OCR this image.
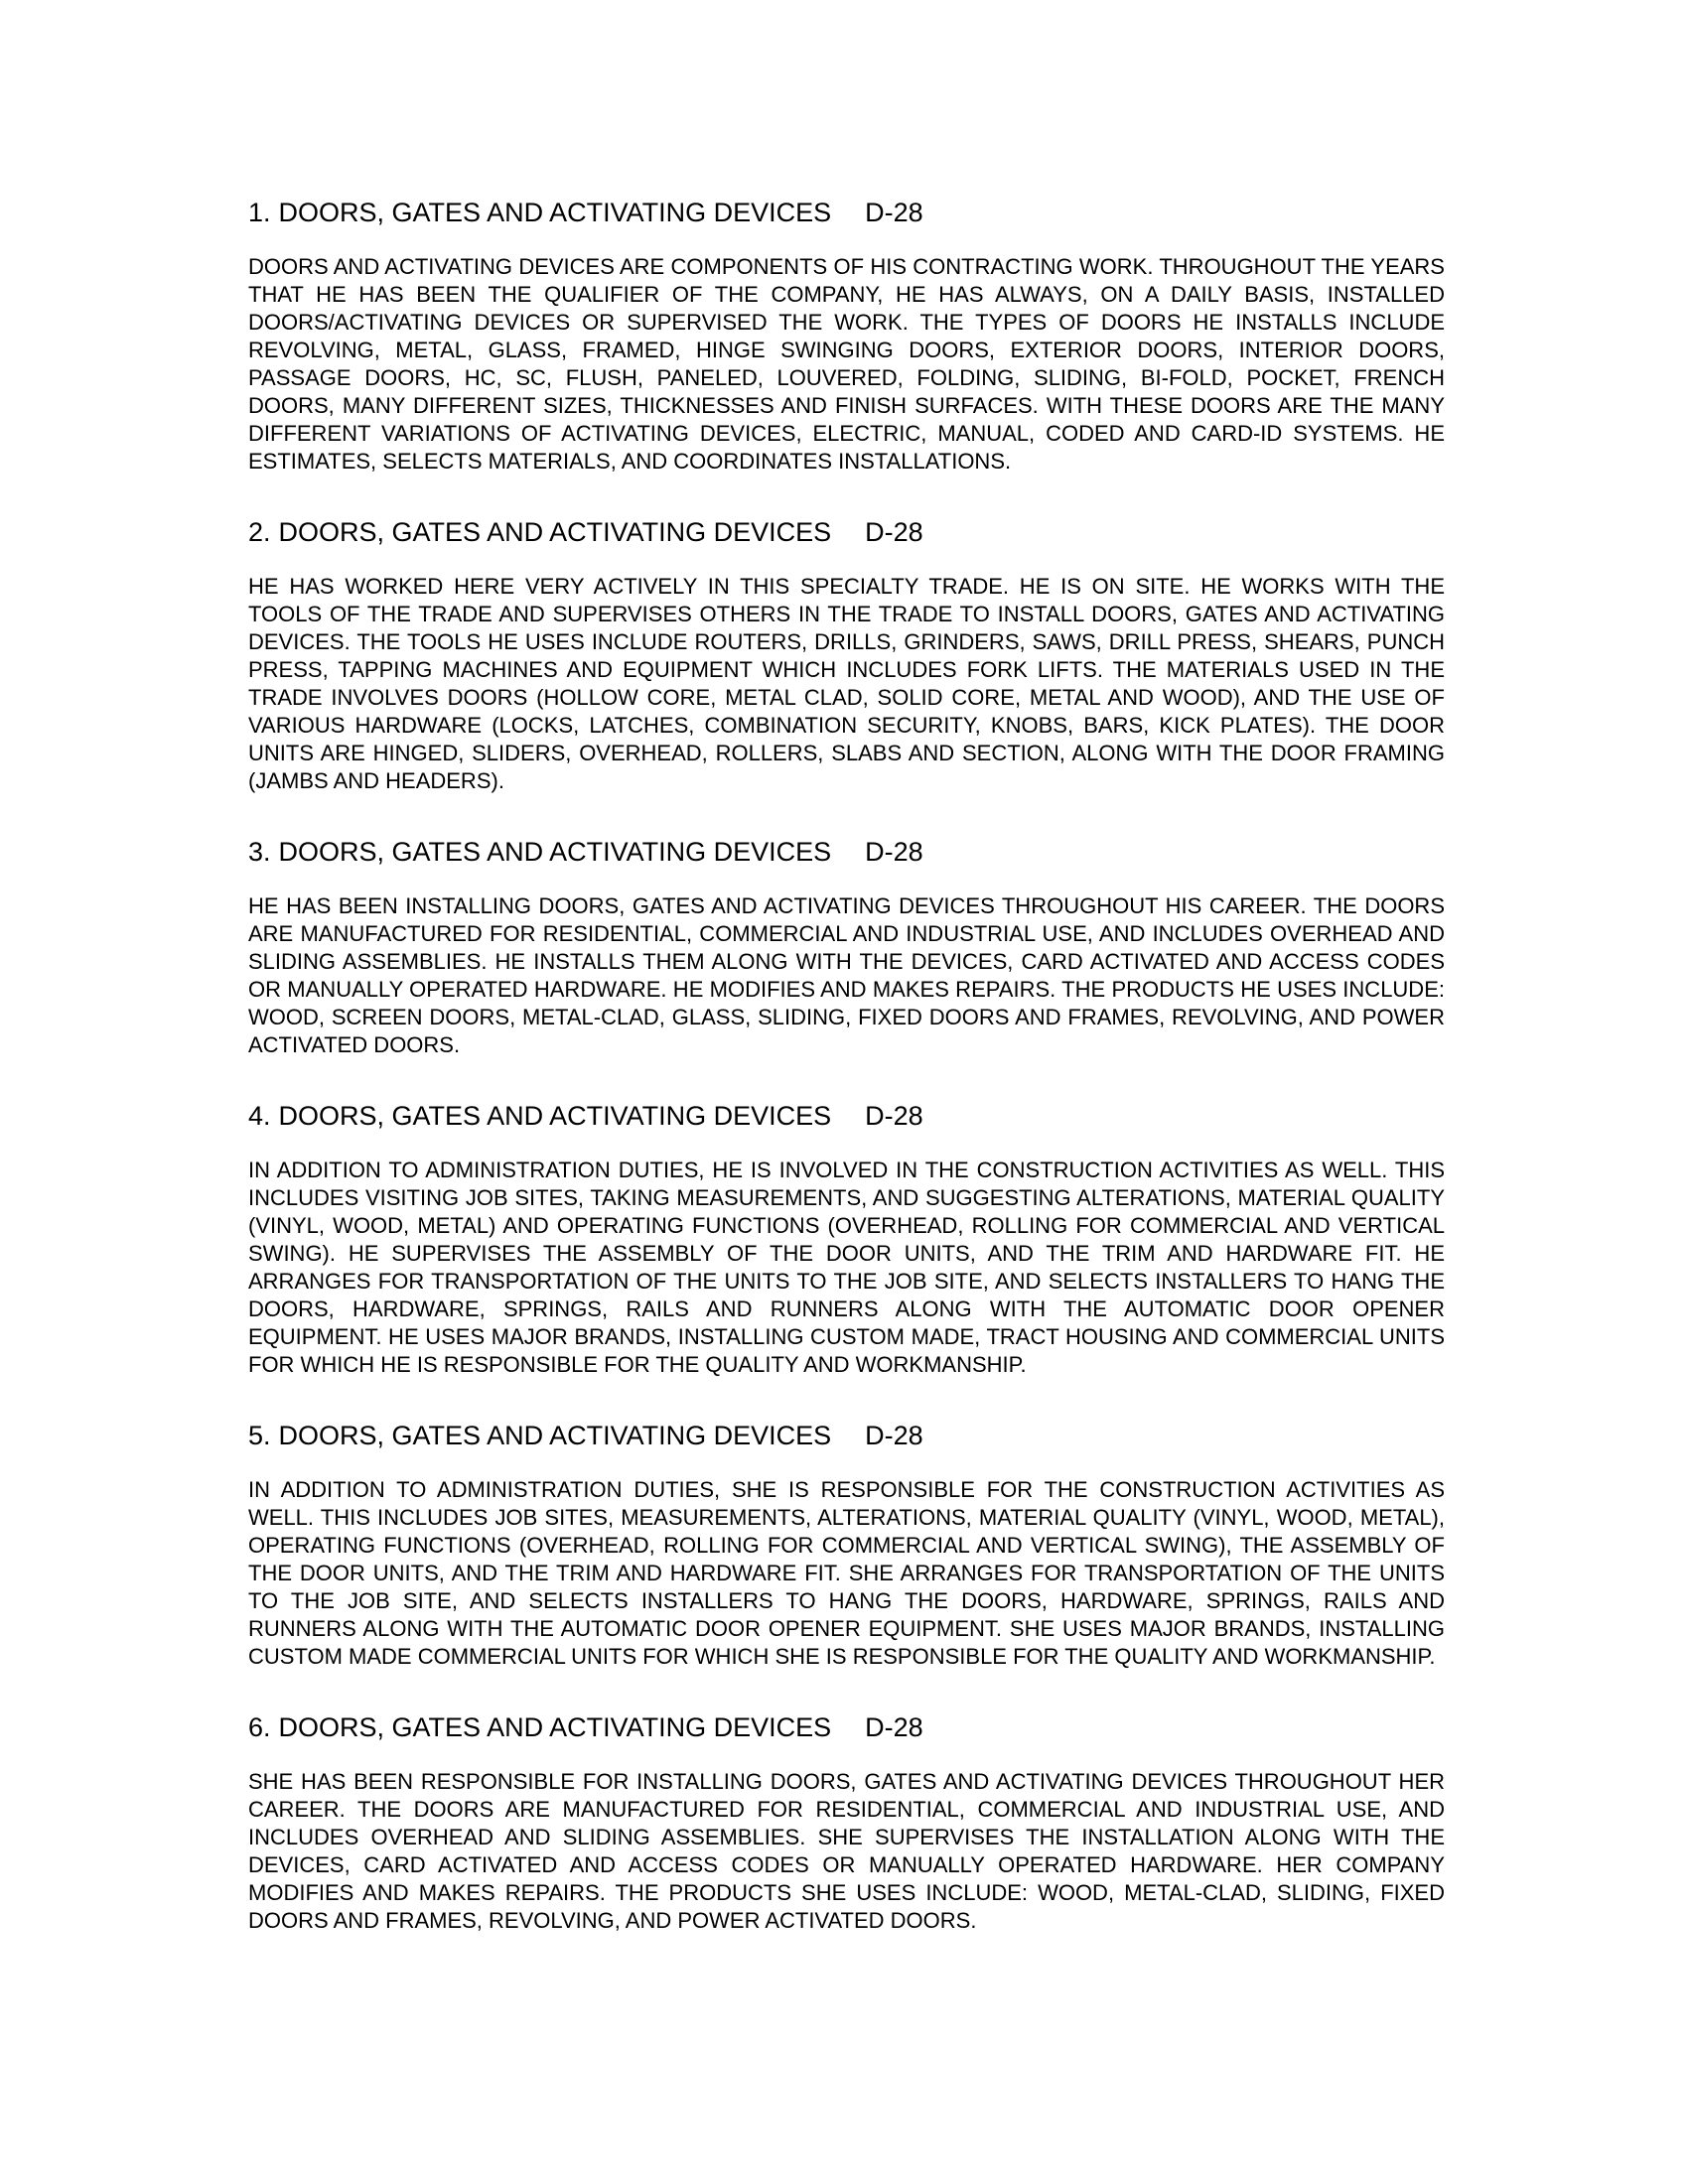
1. DOORS, GATES AND ACTIVATING DEVICES D-28

DOORS AND ACTIVATING DEVICES ARE COMPONENTS OF HIS CONTRACTING WORK. THROUGHOUT THE YEARS THAT HE HAS BEEN THE QUALIFIER OF THE COMPANY, HE HAS ALWAYS, ON A DAILY BASIS, INSTALLED DOORS/ACTIVATING DEVICES OR SUPERVISED THE WORK. THE TYPES OF DOORS HE INSTALLS INCLUDE REVOLVING, METAL, GLASS, FRAMED, HINGE SWINGING DOORS, EXTERIOR DOORS, INTERIOR DOORS, PASSAGE DOORS, HC, SC, FLUSH, PANELED, LOUVERED, FOLDING, SLIDING, BI-FOLD, POCKET, FRENCH DOORS, MANY DIFFERENT SIZES, THICKNESSES AND FINISH SURFACES. WITH THESE DOORS ARE THE MANY DIFFERENT VARIATIONS OF ACTIVATING DEVICES, ELECTRIC, MANUAL, CODED AND CARD-ID SYSTEMS. HE ESTIMATES, SELECTS MATERIALS, AND COORDINATES INSTALLATIONS.

2. DOORS, GATES AND ACTIVATING DEVICES D-28

HE HAS WORKED HERE VERY ACTIVELY IN THIS SPECIALTY TRADE. HE IS ON SITE. HE WORKS WITH THE TOOLS OF THE TRADE AND SUPERVISES OTHERS IN THE TRADE TO INSTALL DOORS, GATES AND ACTIVATING DEVICES. THE TOOLS HE USES INCLUDE ROUTERS, DRILLS, GRINDERS, SAWS, DRILL PRESS, SHEARS, PUNCH PRESS, TAPPING MACHINES AND EQUIPMENT WHICH INCLUDES FORK LIFTS. THE MATERIALS USED IN THE TRADE INVOLVES DOORS (HOLLOW CORE, METAL CLAD, SOLID CORE, METAL AND WOOD), AND THE USE OF VARIOUS HARDWARE (LOCKS, LATCHES, COMBINATION SECURITY, KNOBS, BARS, KICK PLATES). THE DOOR UNITS ARE HINGED, SLIDERS, OVERHEAD, ROLLERS, SLABS AND SECTION, ALONG WITH THE DOOR FRAMING (JAMBS AND HEADERS).

3. DOORS, GATES AND ACTIVATING DEVICES D-28

HE HAS BEEN INSTALLING DOORS, GATES AND ACTIVATING DEVICES THROUGHOUT HIS CAREER. THE DOORS ARE MANUFACTURED FOR RESIDENTIAL, COMMERCIAL AND INDUSTRIAL USE, AND INCLUDES OVERHEAD AND SLIDING ASSEMBLIES. HE INSTALLS THEM ALONG WITH THE DEVICES, CARD ACTIVATED AND ACCESS CODES OR MANUALLY OPERATED HARDWARE. HE MODIFIES AND MAKES REPAIRS. THE PRODUCTS HE USES INCLUDE: WOOD, SCREEN DOORS, METAL-CLAD, GLASS, SLIDING, FIXED DOORS AND FRAMES, REVOLVING, AND POWER ACTIVATED DOORS.

4. DOORS, GATES AND ACTIVATING DEVICES D-28

IN ADDITION TO ADMINISTRATION DUTIES, HE IS INVOLVED IN THE CONSTRUCTION ACTIVITIES AS WELL. THIS INCLUDES VISITING JOB SITES, TAKING MEASUREMENTS, AND SUGGESTING ALTERATIONS, MATERIAL QUALITY (VINYL, WOOD, METAL) AND OPERATING FUNCTIONS (OVERHEAD, ROLLING FOR COMMERCIAL AND VERTICAL SWING). HE SUPERVISES THE ASSEMBLY OF THE DOOR UNITS, AND THE TRIM AND HARDWARE FIT. HE ARRANGES FOR TRANSPORTATION OF THE UNITS TO THE JOB SITE, AND SELECTS INSTALLERS TO HANG THE DOORS, HARDWARE, SPRINGS, RAILS AND RUNNERS ALONG WITH THE AUTOMATIC DOOR OPENER EQUIPMENT. HE USES MAJOR BRANDS, INSTALLING CUSTOM MADE, TRACT HOUSING AND COMMERCIAL UNITS FOR WHICH HE IS RESPONSIBLE FOR THE QUALITY AND WORKMANSHIP.

5. DOORS, GATES AND ACTIVATING DEVICES D-28

IN ADDITION TO ADMINISTRATION DUTIES, SHE IS RESPONSIBLE FOR THE CONSTRUCTION ACTIVITIES AS WELL. THIS INCLUDES JOB SITES, MEASUREMENTS, ALTERATIONS, MATERIAL QUALITY (VINYL, WOOD, METAL), OPERATING FUNCTIONS (OVERHEAD, ROLLING FOR COMMERCIAL AND VERTICAL SWING), THE ASSEMBLY OF THE DOOR UNITS, AND THE TRIM AND HARDWARE FIT. SHE ARRANGES FOR TRANSPORTATION OF THE UNITS TO THE JOB SITE, AND SELECTS INSTALLERS TO HANG THE DOORS, HARDWARE, SPRINGS, RAILS AND RUNNERS ALONG WITH THE AUTOMATIC DOOR OPENER EQUIPMENT. SHE USES MAJOR BRANDS, INSTALLING CUSTOM MADE COMMERCIAL UNITS FOR WHICH SHE IS RESPONSIBLE FOR THE QUALITY AND WORKMANSHIP.

6. DOORS, GATES AND ACTIVATING DEVICES D-28

SHE HAS BEEN RESPONSIBLE FOR INSTALLING DOORS, GATES AND ACTIVATING DEVICES THROUGHOUT HER CAREER. THE DOORS ARE MANUFACTURED FOR RESIDENTIAL, COMMERCIAL AND INDUSTRIAL USE, AND INCLUDES OVERHEAD AND SLIDING ASSEMBLIES. SHE SUPERVISES THE INSTALLATION ALONG WITH THE DEVICES, CARD ACTIVATED AND ACCESS CODES OR MANUALLY OPERATED HARDWARE. HER COMPANY MODIFIES AND MAKES REPAIRS. THE PRODUCTS SHE USES INCLUDE: WOOD, METAL-CLAD, SLIDING, FIXED DOORS AND FRAMES, REVOLVING, AND POWER ACTIVATED DOORS.
